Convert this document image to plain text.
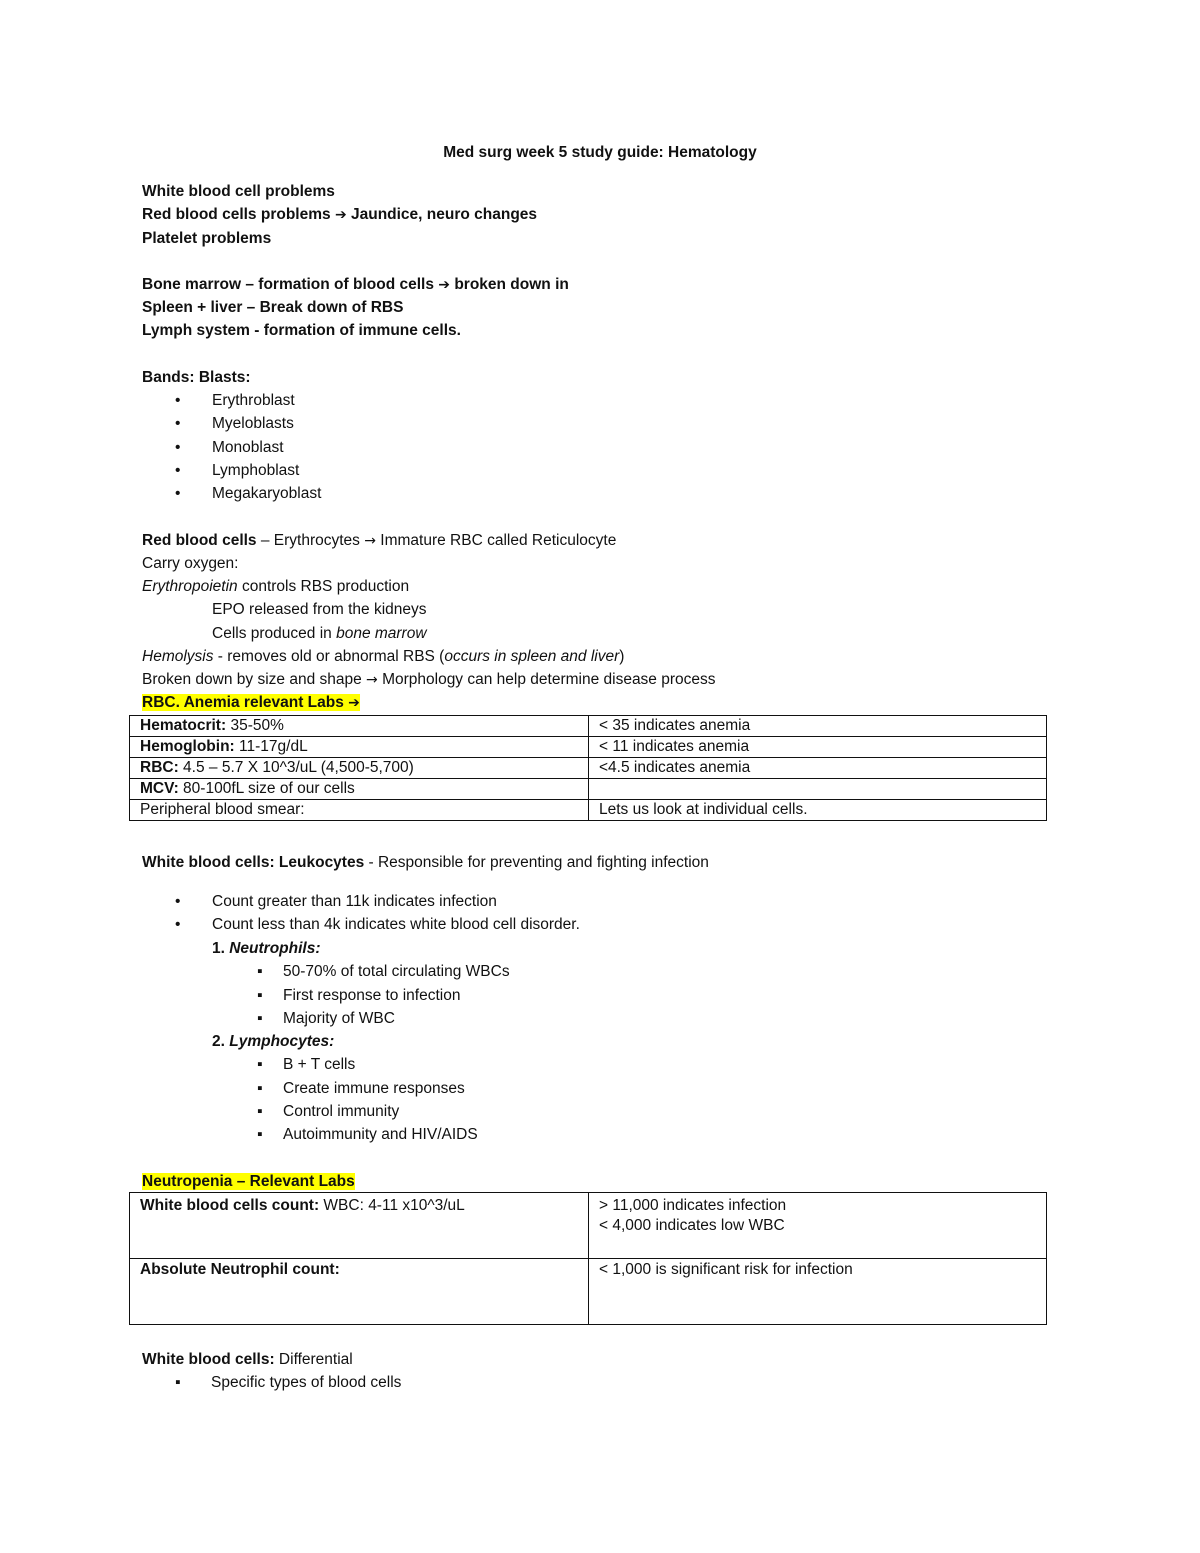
Med surg week 5 study guide: Hematology
White blood cell problems
Red blood cells problems ➔ Jaundice, neuro changes
Platelet problems
Bone marrow – formation of blood cells ➔ broken down in
Spleen + liver – Break down of RBS
Lymph system - formation of immune cells.
Bands: Blasts:
• Erythroblast
• Myeloblasts
• Monoblast
• Lymphoblast
• Megakaryoblast
Red blood cells – Erythrocytes → Immature RBC called Reticulocyte
Carry oxygen:
Erythropoietin controls RBS production
EPO released from the kidneys
Cells produced in bone marrow
Hemolysis - removes old or abnormal RBS (occurs in spleen and liver)
Broken down by size and shape → Morphology can help determine disease process
RBC. Anemia relevant Labs ➔
Hematocrit: 35-50%	< 35 indicates anemia
Hemoglobin: 11-17g/dL	< 11 indicates anemia
RBC: 4.5 – 5.7 X 10^3/uL (4,500-5,700)	<4.5 indicates anemia
MCV: 80-100fL size of our cells	
Peripheral blood smear:	Lets us look at individual cells.
White blood cells: Leukocytes - Responsible for preventing and fighting infection
• Count greater than 11k indicates infection
• Count less than 4k indicates white blood cell disorder.
1. Neutrophils:
▪ 50-70% of total circulating WBCs
▪ First response to infection
▪ Majority of WBC
2. Lymphocytes:
▪ B + T cells
▪ Create immune responses
▪ Control immunity
▪ Autoimmunity and HIV/AIDS
Neutropenia – Relevant Labs
White blood cells count: WBC: 4-11 x10^3/uL	> 11,000 indicates infection
< 4,000 indicates low WBC

Absolute Neutrophil count:	< 1,000 is significant risk for infection
White blood cells: Differential
▪ Specific types of blood cells
